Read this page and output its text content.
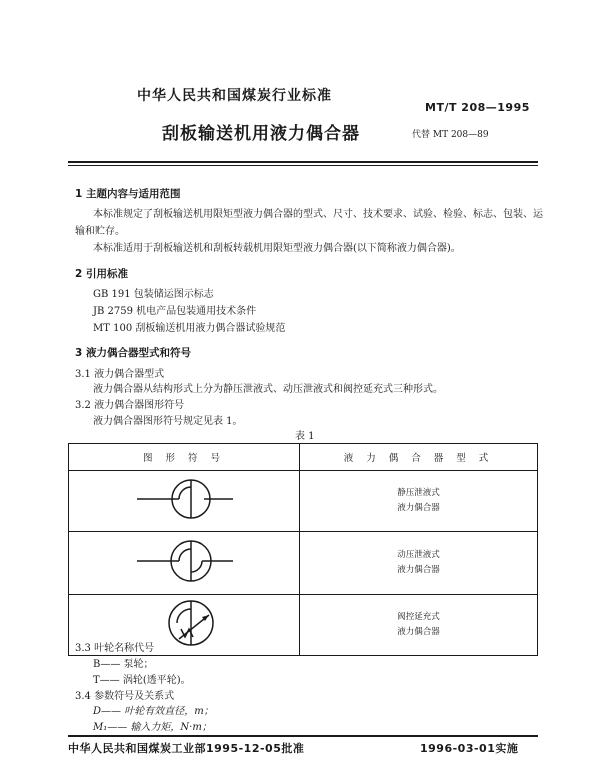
中华人民共和国煤炭行业标准
MT/T 208—1995
刮板输送机用液力偶合器	代替 MT 208—89
1 主题内容与适用范围
本标准规定了刮板输送机用限矩型液力偶合器的型式、尺寸、技术要求、试验、检验、标志、包装、运
输和贮存。
本标准适用于刮板输送机和刮板转载机用限矩型液力偶合器(以下简称液力偶合器)。
2 引用标准
GB 191 包装储运图示标志
JB 2759 机电产品包装通用技术条件
MT 100 刮板输送机用液力偶合器试验规范
3 液力偶合器型式和符号
3.1 液力偶合器型式
液力偶合器从结构形式上分为静压泄液式、动压泄液式和阀控延充式三种形式。
3.2 液力偶合器图形符号
液力偶合器图形符号规定见表 1。
表 1
图 形 符 号	液 力 偶 合 器 型 式

静压泄液式
液力偶合器

动压泄液式
液力偶合器

阀控延充式
液力偶合器
3.3 叶轮名称代号
B—— 泵轮；
T—— 涡轮(透平轮)。
3.4 参数符号及关系式
D—— 叶轮有效直径，m；
M₁—— 输入力矩，N·m；
中华人民共和国煤炭工业部1995-12-05批准	1996-03-01实施
